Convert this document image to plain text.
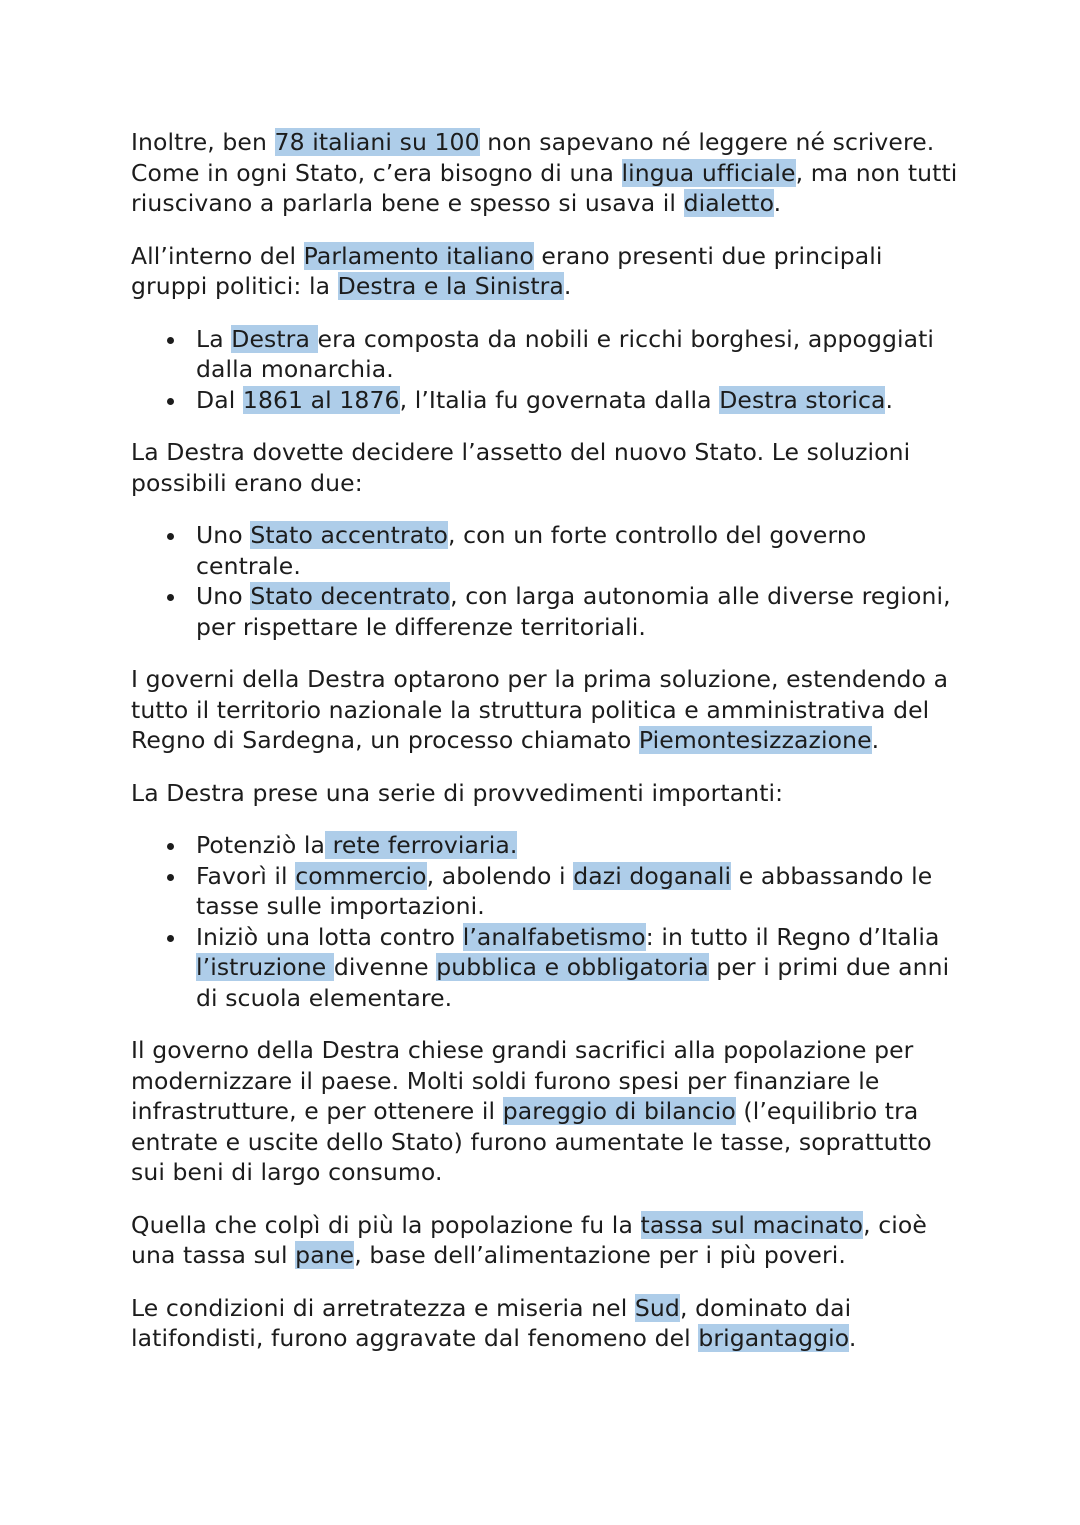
Inoltre, ben 78 italiani su 100 non sapevano né leggere né scrivere. Come in ogni Stato, c’era bisogno di una lingua ufficiale, ma non tutti riuscivano a parlarla bene e spesso si usava il dialetto.

All’interno del Parlamento italiano erano presenti due principali gruppi politici: la Destra e la Sinistra.

La Destra era composta da nobili e ricchi borghesi, appoggiati dalla monarchia.
Dal 1861 al 1876, l’Italia fu governata dalla Destra storica.

La Destra dovette decidere l’assetto del nuovo Stato. Le soluzioni possibili erano due:

Uno Stato accentrato, con un forte controllo del governo centrale.
Uno Stato decentrato, con larga autonomia alle diverse regioni, per rispettare le differenze territoriali.

I governi della Destra optarono per la prima soluzione, estendendo a tutto il territorio nazionale la struttura politica e amministrativa del Regno di Sardegna, un processo chiamato Piemontesizzazione.

La Destra prese una serie di provvedimenti importanti:

Potenziò la rete ferroviaria.
Favorì il commercio, abolendo i dazi doganali e abbassando le tasse sulle importazioni.
Iniziò una lotta contro l’analfabetismo: in tutto il Regno d’Italia l’istruzione divenne pubblica e obbligatoria per i primi due anni di scuola elementare.

Il governo della Destra chiese grandi sacrifici alla popolazione per modernizzare il paese. Molti soldi furono spesi per finanziare le infrastrutture, e per ottenere il pareggio di bilancio (l’equilibrio tra entrate e uscite dello Stato) furono aumentate le tasse, soprattutto sui beni di largo consumo.

Quella che colpì di più la popolazione fu la tassa sul macinato, cioè una tassa sul pane, base dell’alimentazione per i più poveri.

Le condizioni di arretratezza e miseria nel Sud, dominato dai latifondisti, furono aggravate dal fenomeno del brigantaggio.
